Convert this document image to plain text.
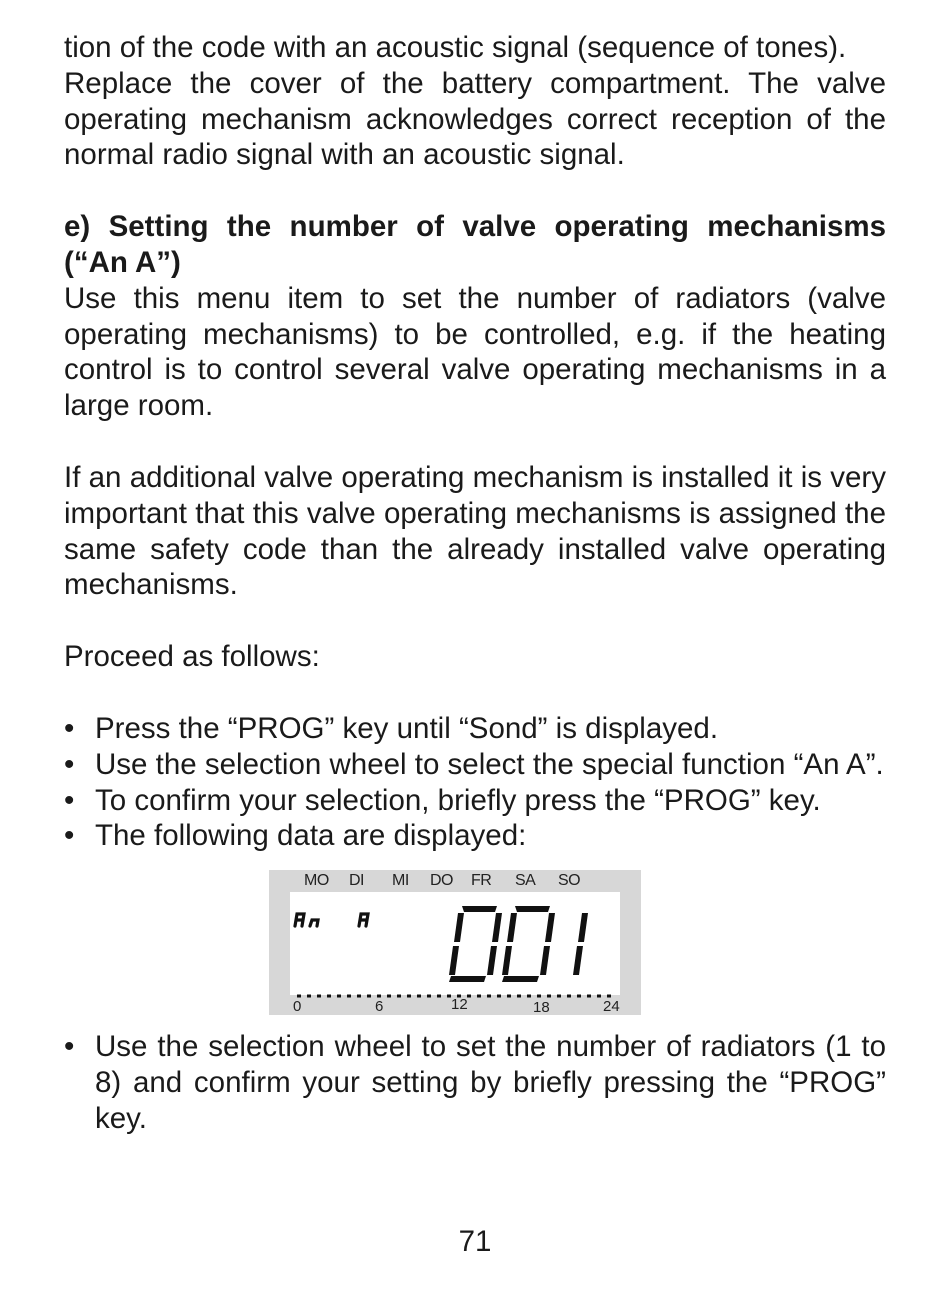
tion of the code with an acoustic signal (sequence of tones).

Replace the cover of the battery compartment. The valve operating mechanism acknowledges correct reception of the normal radio signal with an acoustic signal.

e) Setting the number of valve operating mechanisms (“An A”)

Use this menu item to set the number of radiators (valve operating mechanisms) to be controlled, e.g. if the heating control is to control several valve operating mechanisms in a large room.

If an additional valve operating mechanism is installed it is very important that this valve operating mechanisms is assigned the same safety code than the already installed valve operating mechanisms.

Proceed as follows:

• Press the “PROG” key until “Sond” is displayed.
• Use the selection wheel to select the special function “An A”.
• To confirm your selection, briefly press the “PROG” key.
• The following data are displayed:
MO DI MI DO FR SA SO
0	6	12	18	24
• Use the selection wheel to set the number of radiators (1 to 8) and confirm your setting by briefly pressing the “PROG” key.
71
